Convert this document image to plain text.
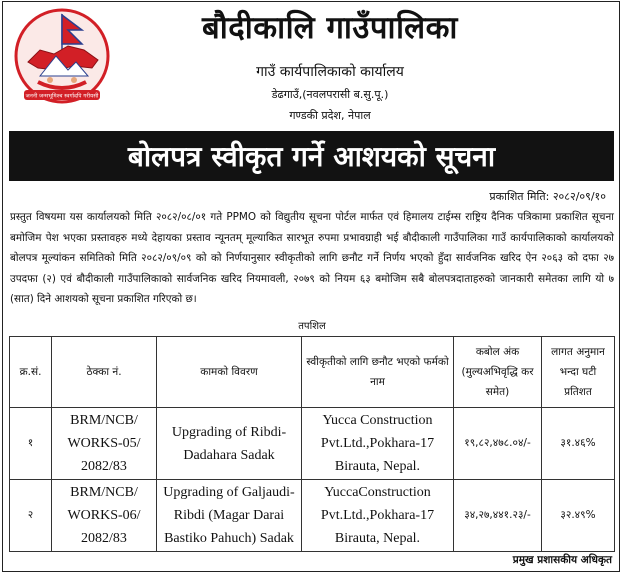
जननी जन्मभूमिश्च स्वर्गादपि गरीयसी
बौदीकालि गाउँपालिका
गाउँ कार्यपालिकाको कार्यालय
डेढगाउँ,(नवलपरासी ब.सु.पू.)
गण्डकी प्रदेश, नेपाल
बोलपत्र स्वीकृत गर्ने आशयको सूचना
प्रकाशित मिति: २०८२/०९/१०
प्रस्तुत विषयमा यस कार्यालयको मिति २०८२/०८/०१ गते PPMO को विद्युतीय सूचना पोर्टल मार्फत एवं हिमालय टाईम्स राष्ट्रिय दैनिक पत्रिकामा प्रकाशित सूचना बमोजिम पेश भएका प्रस्तावहरु मध्ये देहायका प्रस्ताव न्यूनतम् मूल्याकित सारभूत रुपमा प्रभावग्राही भई बौदीकाली गाउँपालिका गाउँ कार्यपालिकाको कार्यालयको बोलपत्र मूल्यांकन समितिको मिति २०८२/०९/०९ को को निर्णयानुसार स्वीकृतीको लागि छनौट गर्ने निर्णय भएको हुँदा सार्वजनिक खरिद ऐन २०६३ को दफा २७ उपदफा (२) एवं बौदीकाली गाउँपालिकाको सार्वजनिक खरिद नियमावली, २०७९ को नियम ६३ बमोजिम सबै बोलपत्रदाताहरुको जानकारी समेतका लागि यो ७ (सात) दिने आशयको सूचना प्रकाशित गरिएको छ।
तपशिल
क्र.सं.	ठेक्का नं.	कामको विवरण	स्वीकृतीको लागि छनौट भएको फर्मको नाम	कबोल अंक (मुल्यअभिवृद्धि कर समेत)	लागत अनुमान भन्दा घटी प्रतिशत
१	BRM/NCB/
WORKS-05/
2082/83	Upgrading of Ribdi-
Dadahara Sadak	Yucca Construction
Pvt.Ltd.,Pokhara-17
Birauta, Nepal.	१९,८२,४७८.०४/-	३१.४६%
२	BRM/NCB/
WORKS-06/
2082/83	Upgrading of Galjaudi-
Ribdi (Magar Darai
Bastiko Pahuch) Sadak	YuccaConstruction
Pvt.Ltd.,Pokhara-17
Birauta, Nepal.	३४,२७,४४१.२३/-	३२.४९%
प्रमुख प्रशासकीय अधिकृत
